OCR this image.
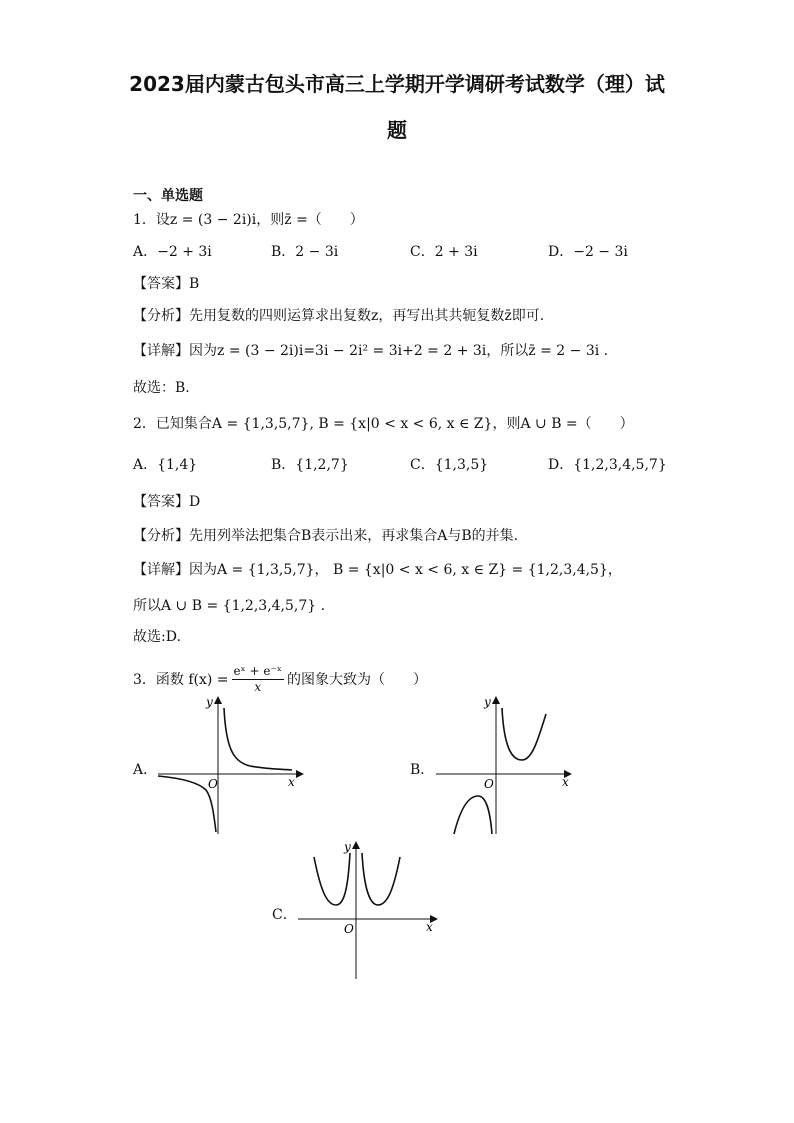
2023届内蒙古包头市高三上学期开学调研考试数学（理）试
题
一、单选题
1．设z = (3 − 2i)i，则z̄ =（　　）
A．−2 + 3i	B．2 − 3i	C．2 + 3i	D．−2 − 3i
【答案】B
【分析】先用复数的四则运算求出复数z，再写出其共轭复数z̄即可.
【详解】因为z = (3 − 2i)i=3i − 2i² = 3i+2 = 2 + 3i，所以z̄ = 2 − 3i .
故选：B.
2．已知集合A = {1,3,5,7}, B = {x|0 < x < 6, x ∈ Z}，则A ∪ B =（　　）
A．{1,4}	B．{1,2,7}	C．{1,3,5}	D．{1,2,3,4,5,7}
【答案】D
【分析】先用列举法把集合B表示出来，再求集合A与B的并集.
【详解】因为A = {1,3,5,7}， B = {x|0 < x < 6, x ∈ Z} = {1,2,3,4,5}，
所以A ∪ B = {1,2,3,4,5,7} .
故选:D.
3．函数 $f(x) = \frac{\text{eˣ + e⁻ˣ}}{x}$ 的图象大致为（　　）
A．
O	x
y
B．
O	x
y
C．
O	x
y
